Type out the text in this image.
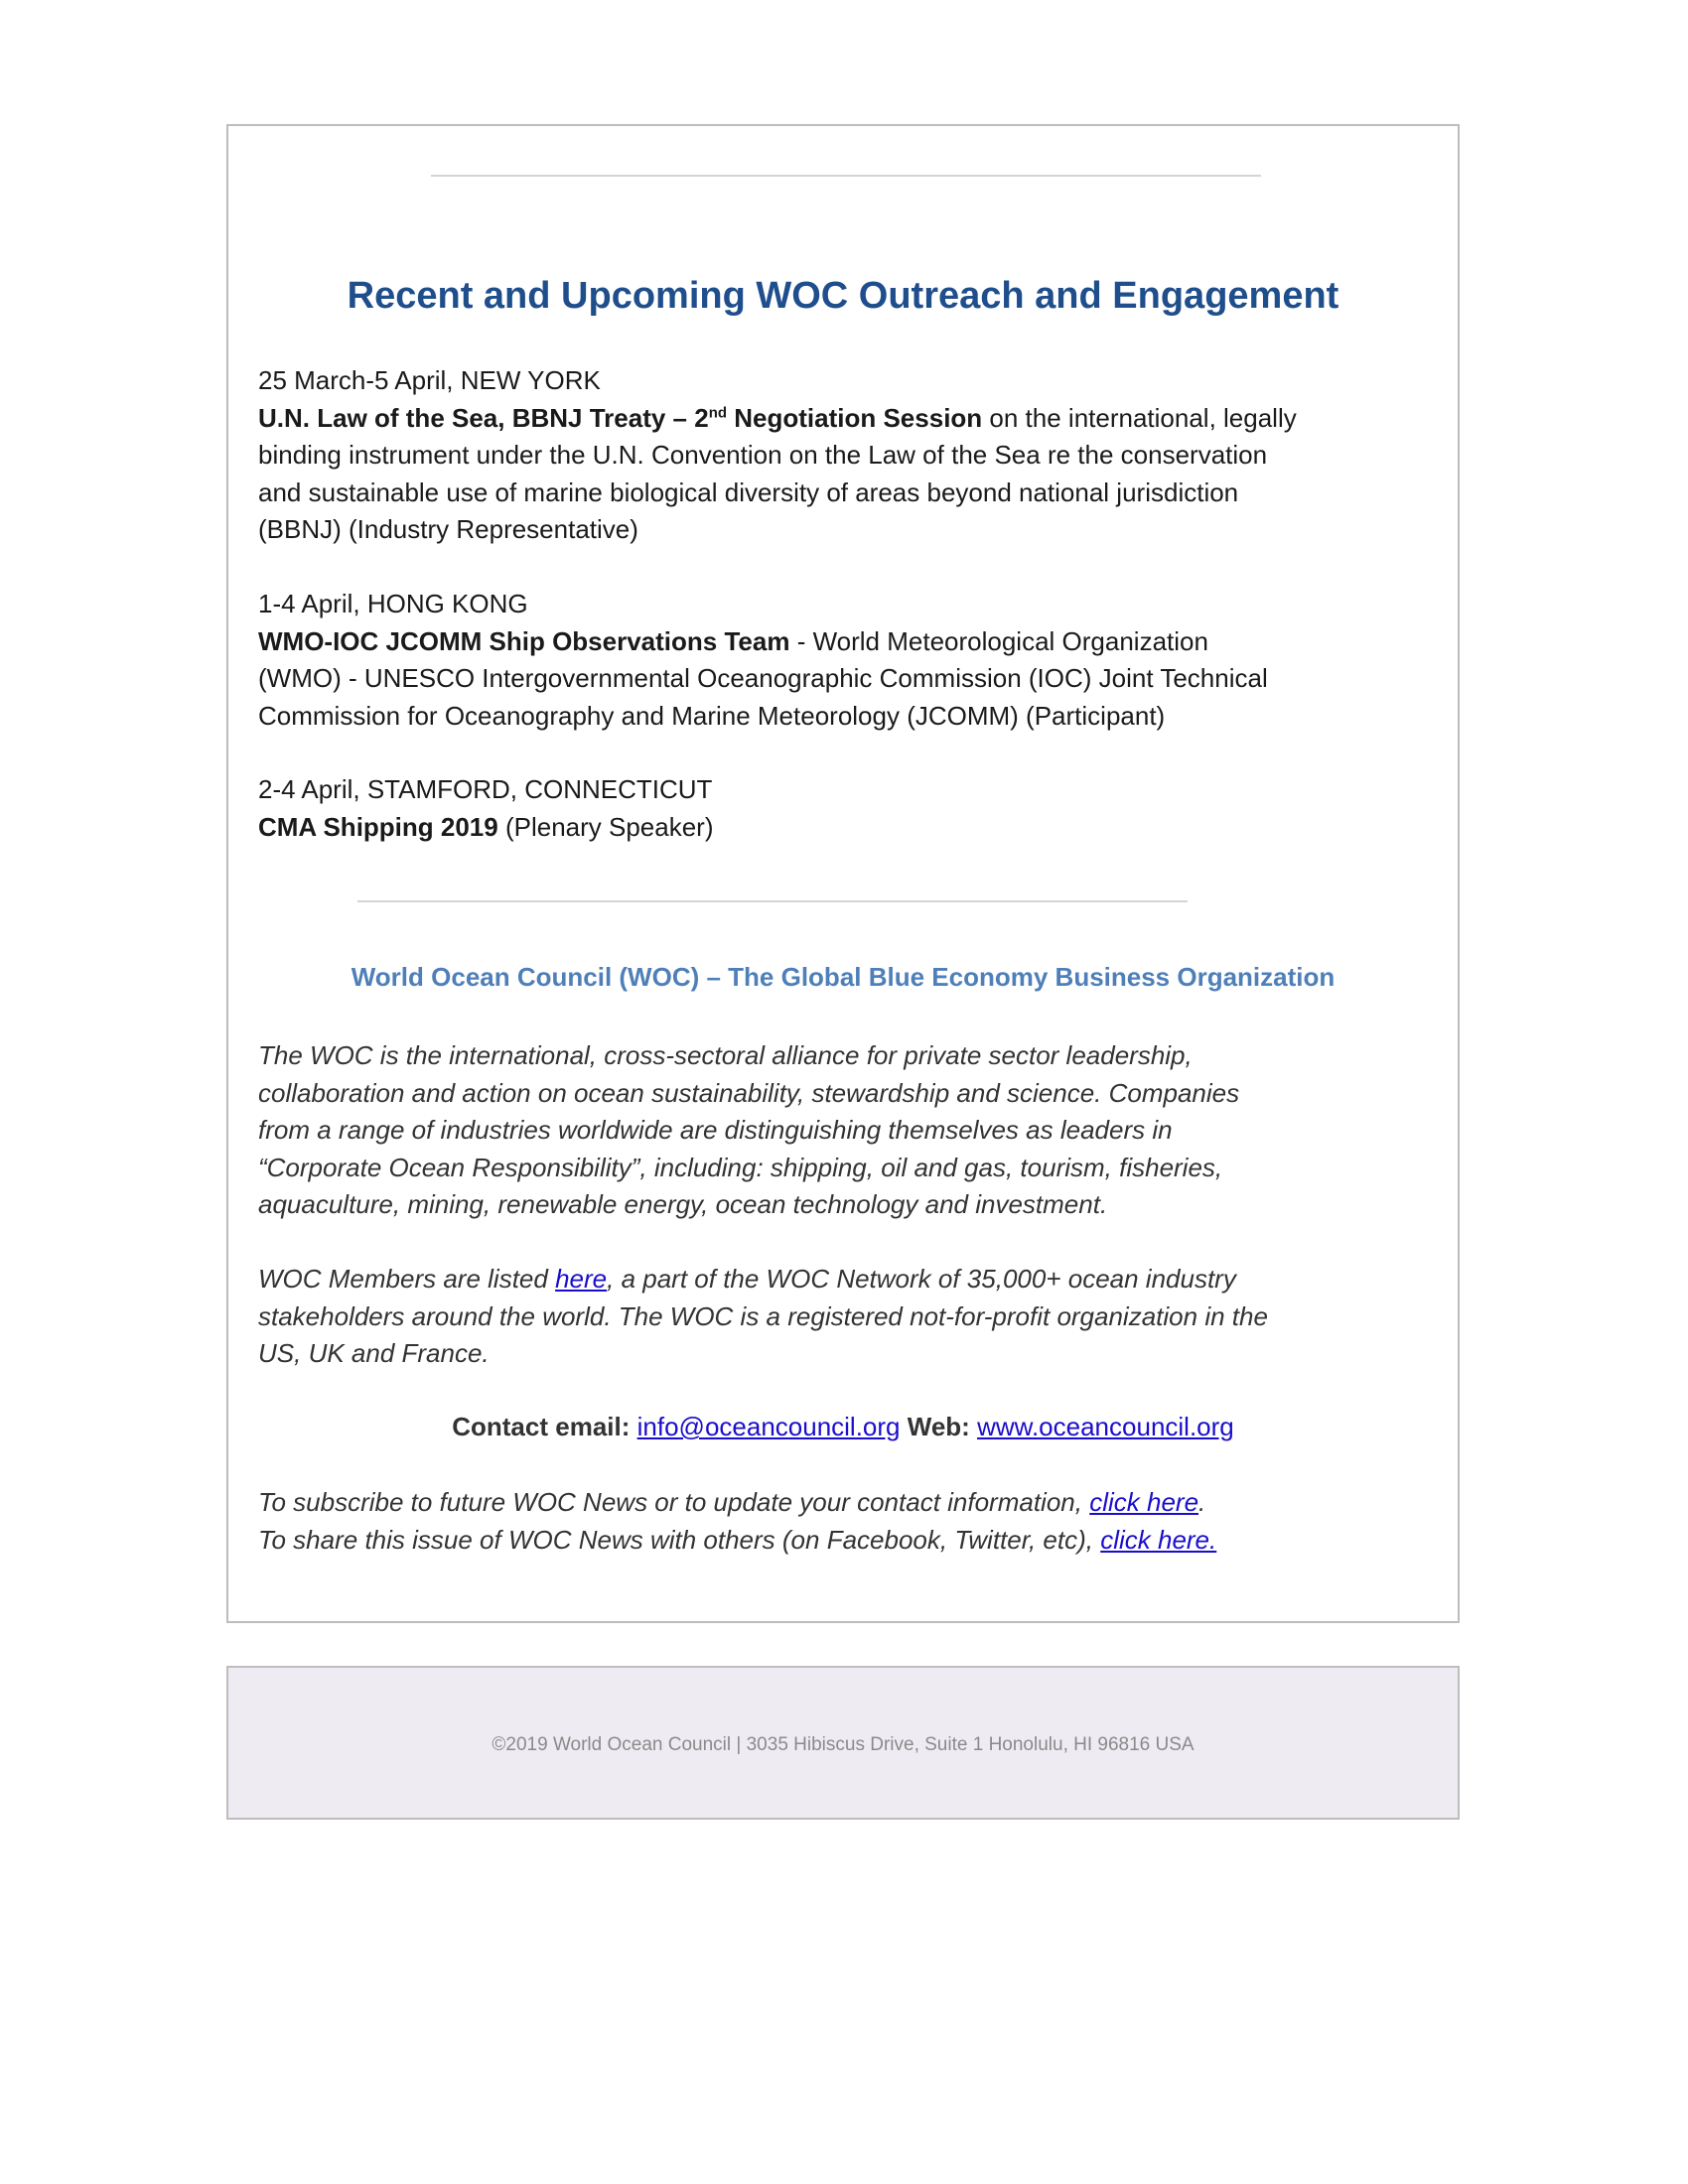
Recent and Upcoming WOC Outreach and Engagement
25 March-5 April, NEW YORK
U.N. Law of the Sea, BBNJ Treaty – 2nd Negotiation Session on the international, legally
binding instrument under the U.N. Convention on the Law of the Sea re the conservation
and sustainable use of marine biological diversity of areas beyond national jurisdiction
(BBNJ) (Industry Representative)
1-4 April, HONG KONG
WMO-IOC JCOMM Ship Observations Team - World Meteorological Organization
(WMO) - UNESCO Intergovernmental Oceanographic Commission (IOC) Joint Technical
Commission for Oceanography and Marine Meteorology (JCOMM) (Participant)
2-4 April, STAMFORD, CONNECTICUT
CMA Shipping 2019 (Plenary Speaker)
World Ocean Council (WOC) – The Global Blue Economy Business Organization
The WOC is the international, cross-sectoral alliance for private sector leadership,
collaboration and action on ocean sustainability, stewardship and science. Companies
from a range of industries worldwide are distinguishing themselves as leaders in
“Corporate Ocean Responsibility”, including: shipping, oil and gas, tourism, fisheries,
aquaculture, mining, renewable energy, ocean technology and investment.
WOC Members are listed here, a part of the WOC Network of 35,000+ ocean industry
stakeholders around the world. The WOC is a registered not-for-profit organization in the
US, UK and France.
Contact email: info@oceancouncil.org Web: www.oceancouncil.org
To subscribe to future WOC News or to update your contact information, click here.
To share this issue of WOC News with others (on Facebook, Twitter, etc), click here.
©2019 World Ocean Council | 3035 Hibiscus Drive, Suite 1 Honolulu, HI 96816 USA
